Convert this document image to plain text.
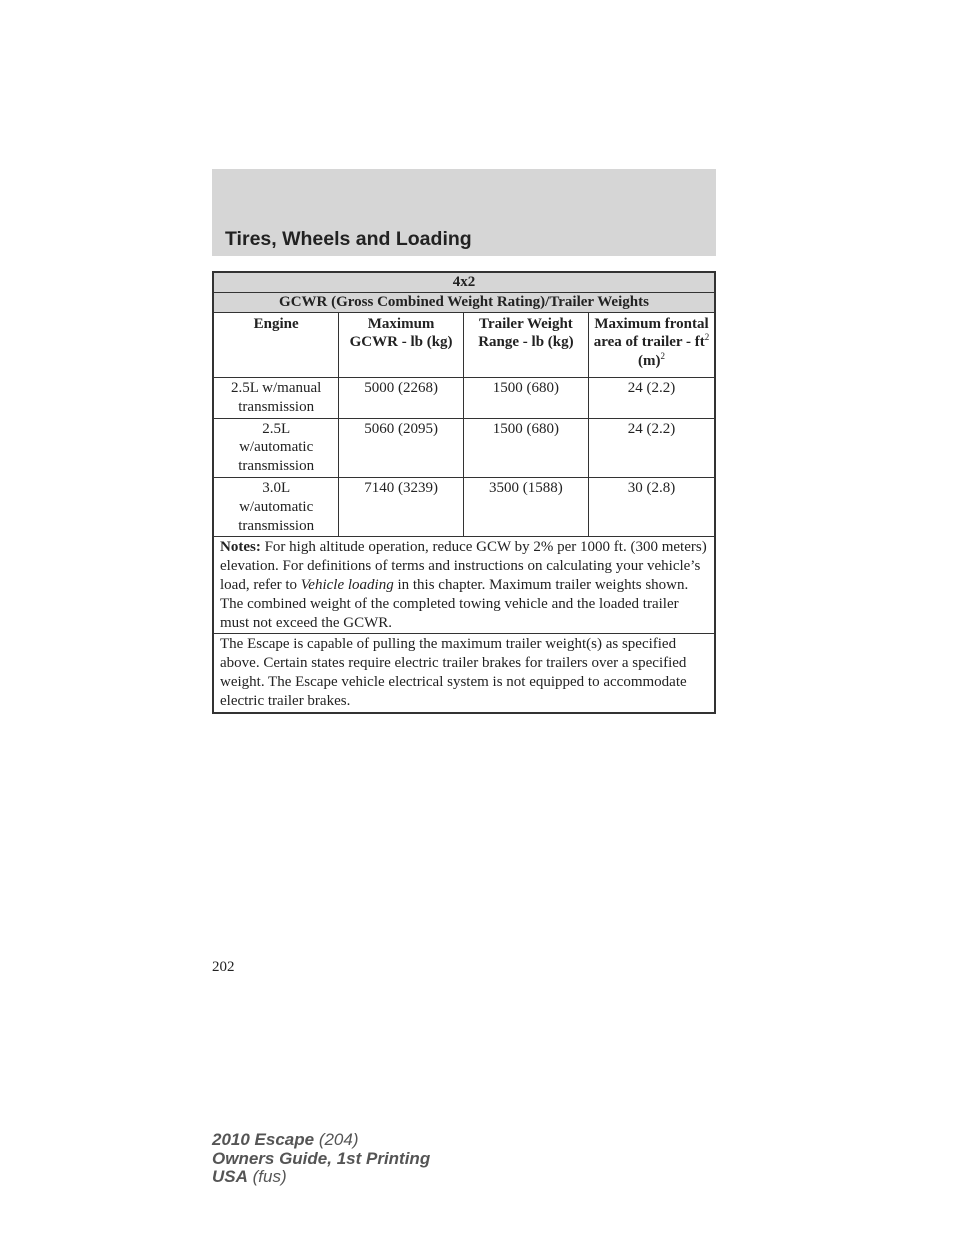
Tires, Wheels and Loading
4x2			
GCWR (Gross Combined Weight Rating)/Trailer Weights			
Engine	Maximum GCWR - lb (kg)	Trailer Weight Range - lb (kg)	Maximum frontal area of trailer - $ft^2$ $(m)^2$
2.5L w/manual transmission	5000 (2268)	1500 (680)	24 (2.2)
2.5L w/automatic transmission	5060 (2095)	1500 (680)	24 (2.2)
3.0L w/automatic transmission	7140 (3239)	3500 (1588)	30 (2.8)
Notes: For high altitude operation, reduce GCW by 2% per 1000 ft. (300 meters) elevation. For definitions of terms and instructions on calculating your vehicle’s load, refer to Vehicle loading in this chapter. Maximum trailer weights shown. The combined weight of the completed towing vehicle and the loaded trailer must not exceed the GCWR.			
The Escape is capable of pulling the maximum trailer weight(s) as specified above. Certain states require electric trailer brakes for trailers over a specified weight. The Escape vehicle electrical system is not equipped to accommodate electric trailer brakes.			
202
2010 Escape (204)
Owners Guide, 1st Printing
USA (fus)
